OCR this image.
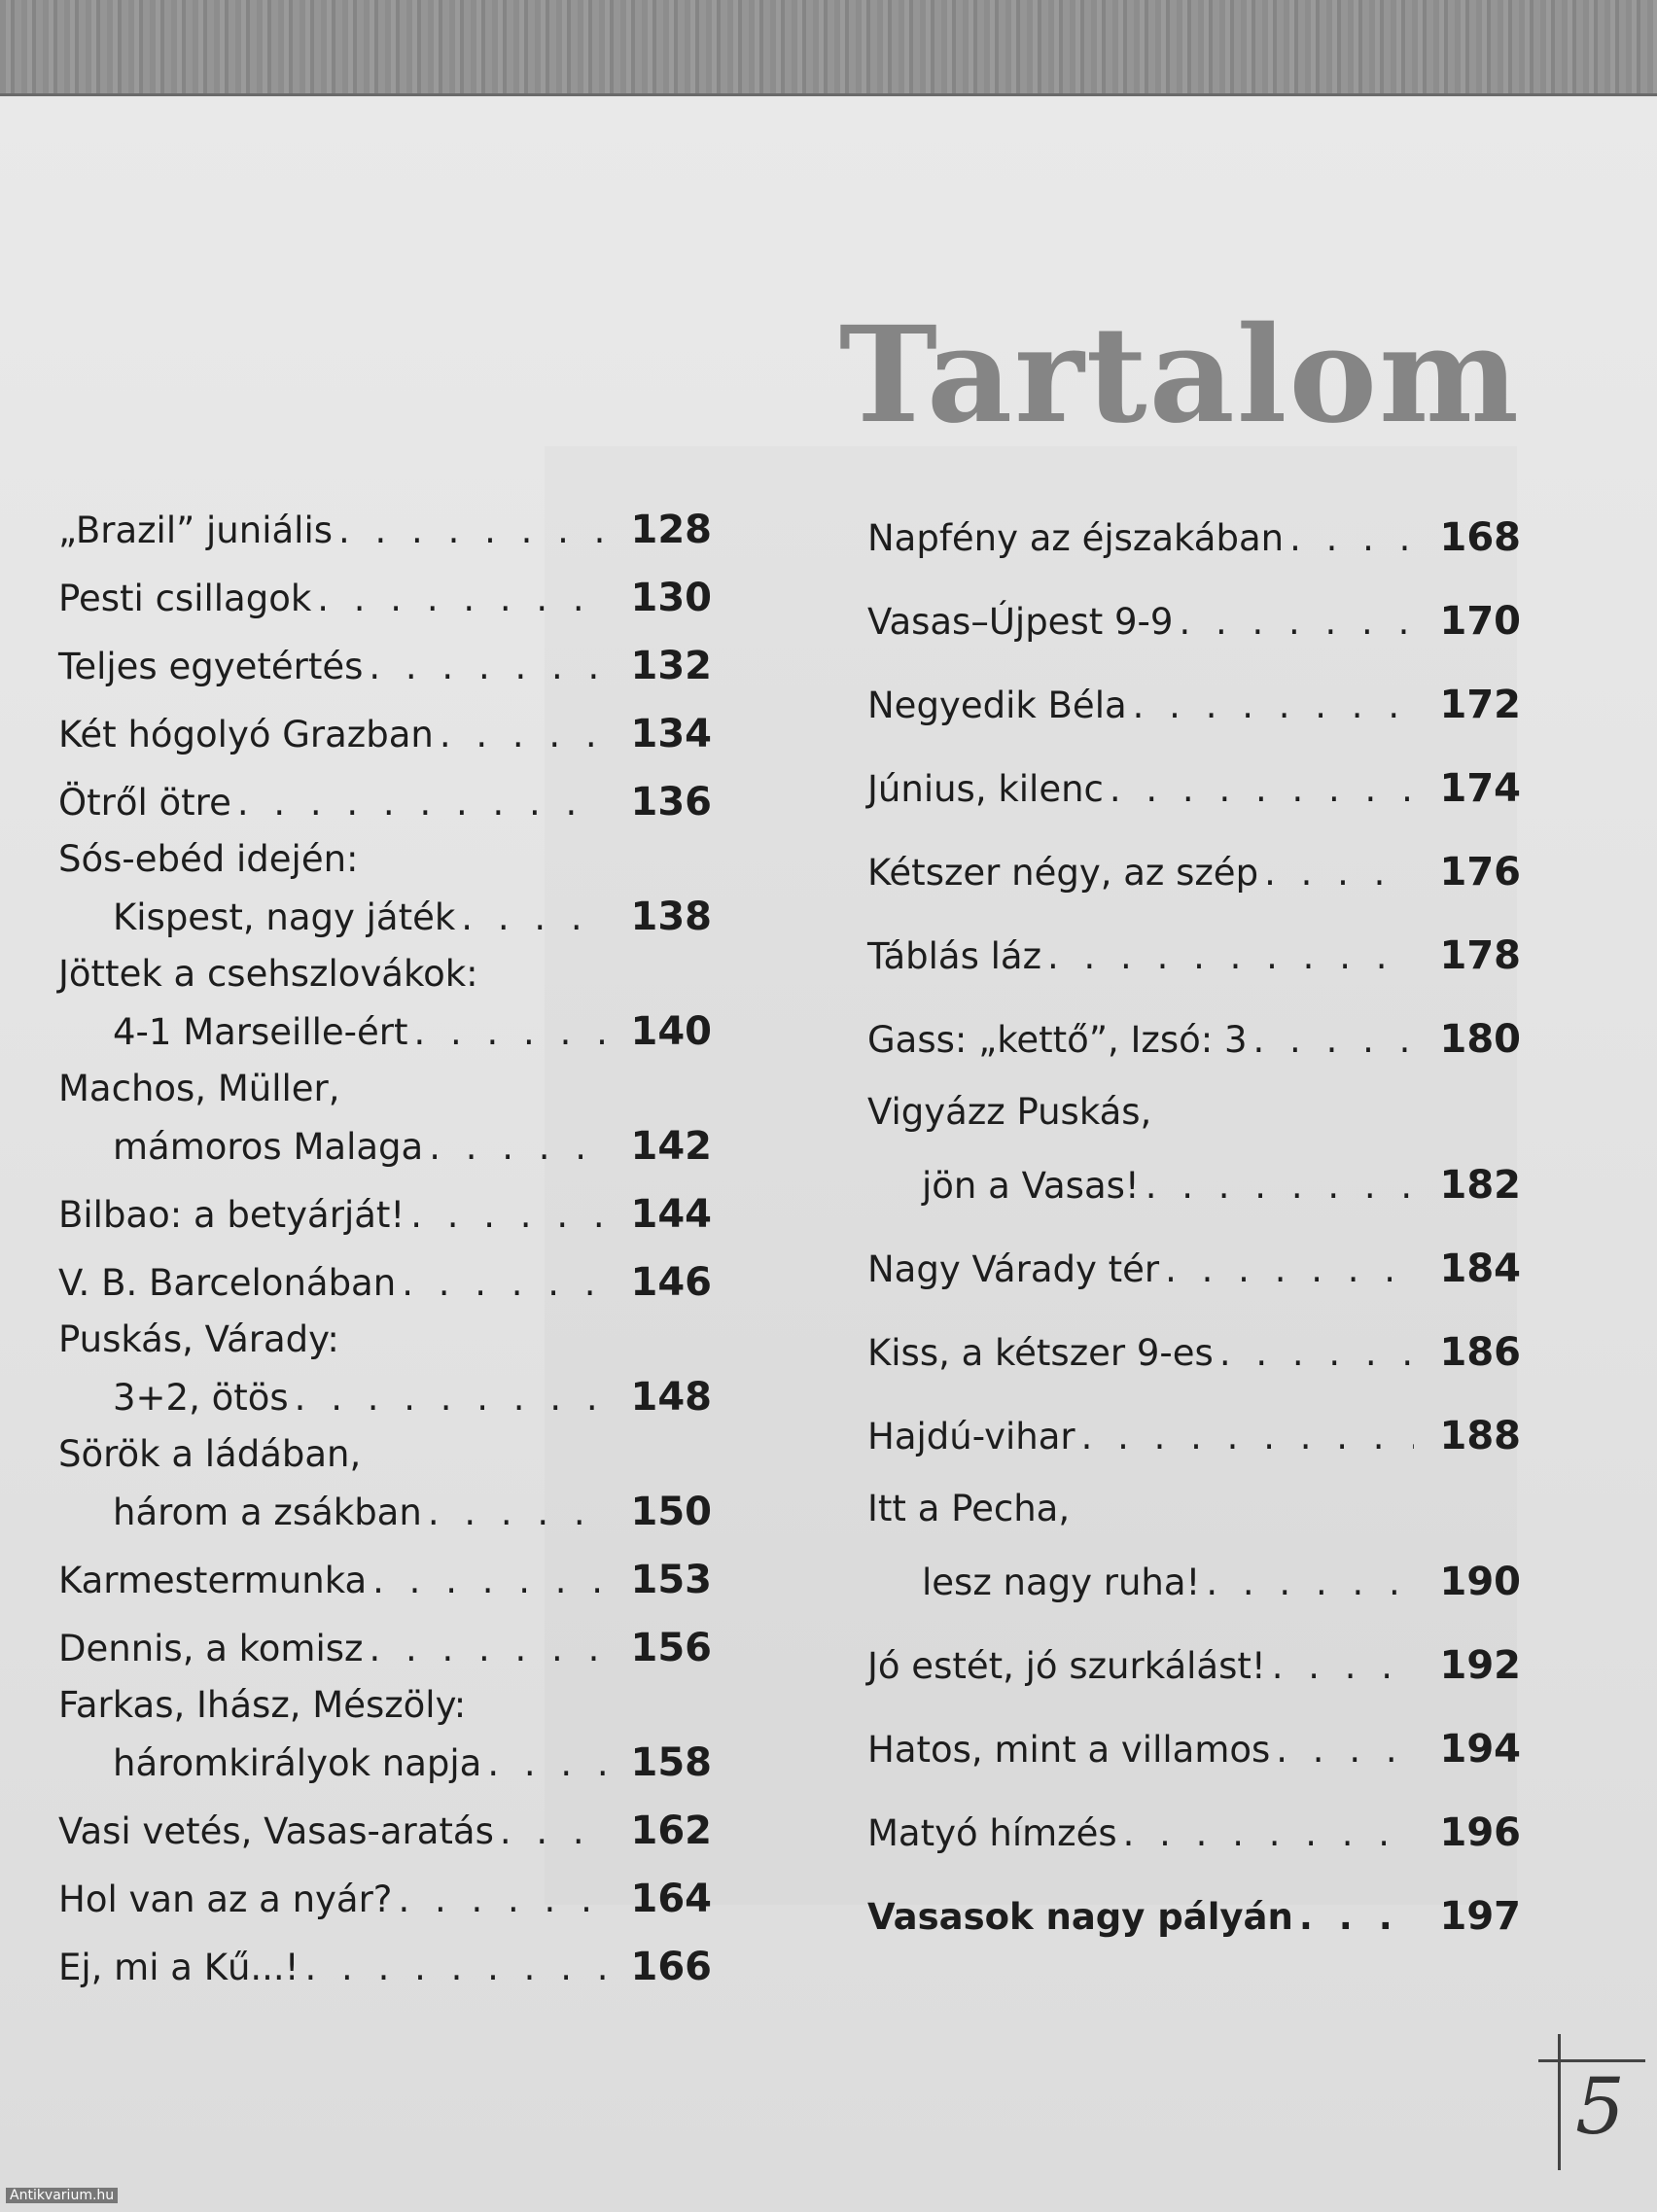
Tartalom
„Brazil” juniális . . .	128
Pesti csillagok . . .	130
Teljes egyetértés . . .	132
Két hógolyó Grazban . . .	134
Ötről ötre . . .	136
Sós-ebéd idején:
Kispest, nagy játék . . .	138
Jöttek a csehszlovákok:
4-1 Marseille-ért . . .	140
Machos, Müller,
mámoros Malaga . . .	142
Bilbao: a betyárját! . . .	144
V. B. Barcelonában . . .	146
Puskás, Várady:
3+2, ötös . . .	148
Sörök a ládában,
három a zsákban . . .	150
Karmestermunka . . .	153
Dennis, a komisz . . .	156
Farkas, Ihász, Mészöly:
háromkirályok napja . . .	158
Vasi vetés, Vasas-aratás . . .	162
Hol van az a nyár? . . .	164
Ej, mi a Kű...! . . .	166
Napfény az éjszakában . . .	168
Vasas–Újpest 9-9 . . .	170
Negyedik Béla . . .	172
Június, kilenc . . .	174
Kétszer négy, az szép . . .	176
Táblás láz . . .	178
Gass: „kettő”, Izsó: 3 . . .	180
Vigyázz Puskás,
jön a Vasas! . . .	182
Nagy Várady tér . . .	184
Kiss, a kétszer 9-es . . .	186
Hajdú-vihar . . .	188
Itt a Pecha,
lesz nagy ruha! . . .	190
Jó estét, jó szurkálást! . . .	192
Hatos, mint a villamos . . .	194
Matyó hímzés . . .	196
Vasasok nagy pályán . . .	197
5
Antikvarium.hu
